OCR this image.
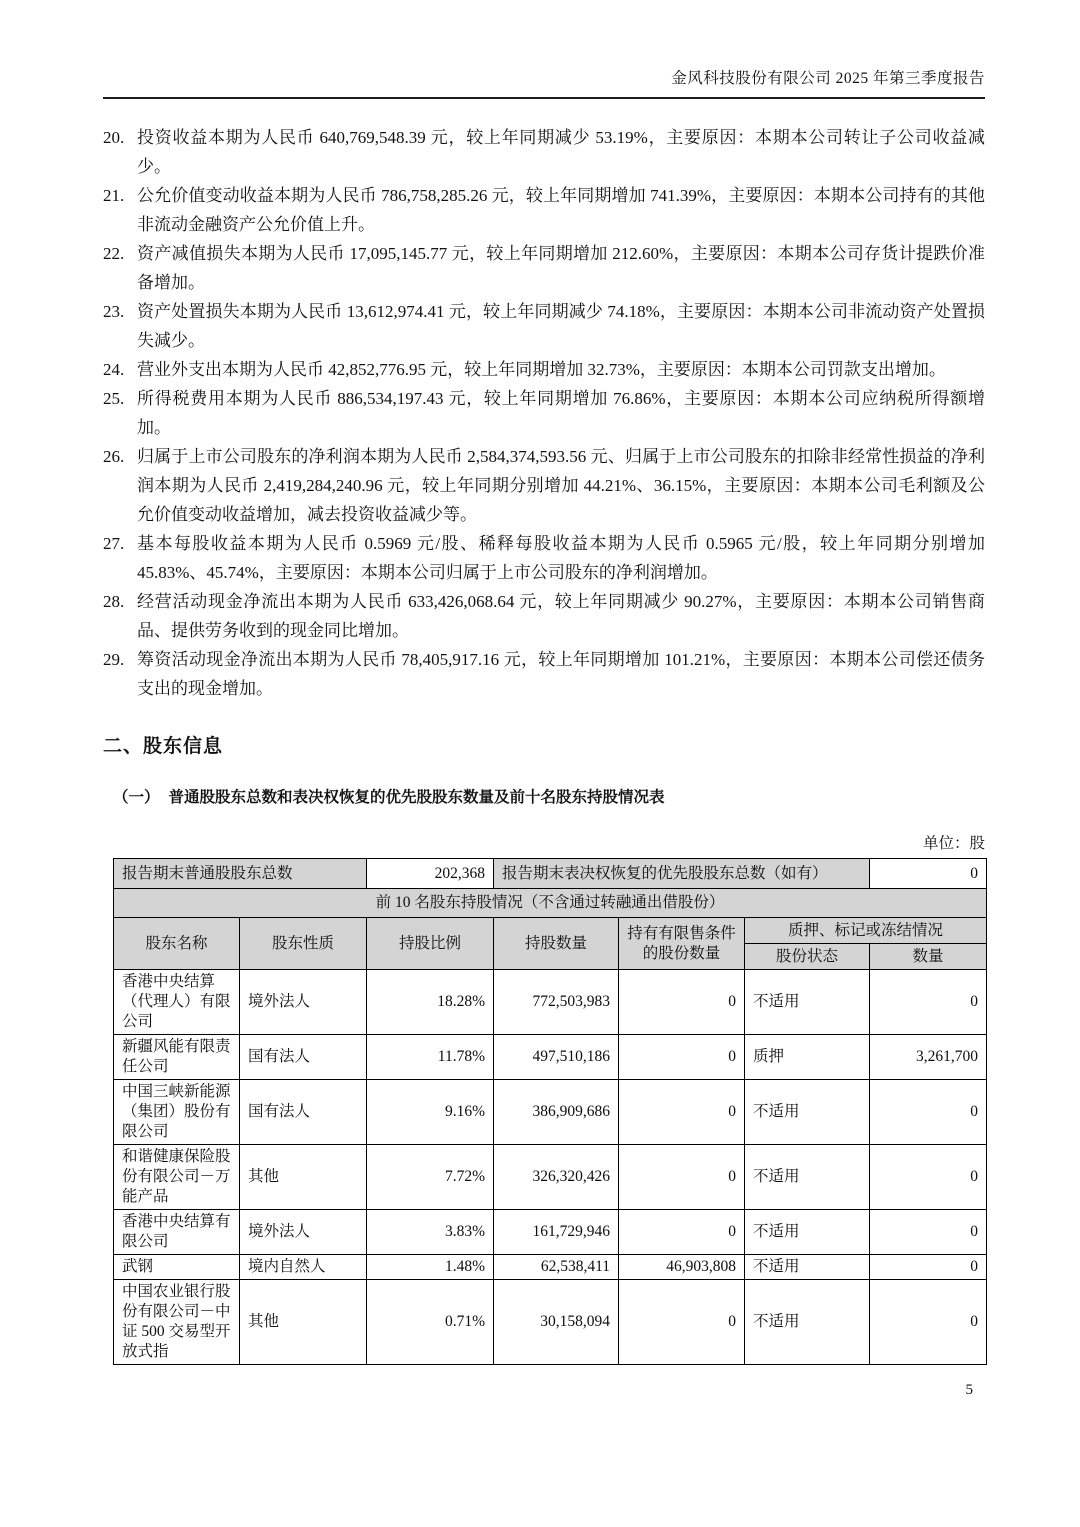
金风科技股份有限公司 2025 年第三季度报告
20. 投资收益本期为人民币 640,769,548.39 元，较上年同期减少 53.19%，主要原因：本期本公司转让子公司收益减少。
21. 公允价值变动收益本期为人民币 786,758,285.26 元，较上年同期增加 741.39%，主要原因：本期本公司持有的其他非流动金融资产公允价值上升。
22. 资产减值损失本期为人民币 17,095,145.77 元，较上年同期增加 212.60%，主要原因：本期本公司存货计提跌价准备增加。
23. 资产处置损失本期为人民币 13,612,974.41 元，较上年同期减少 74.18%，主要原因：本期本公司非流动资产处置损失减少。
24. 营业外支出本期为人民币 42,852,776.95 元，较上年同期增加 32.73%，主要原因：本期本公司罚款支出增加。
25. 所得税费用本期为人民币 886,534,197.43 元，较上年同期增加 76.86%，主要原因：本期本公司应纳税所得额增加。
26. 归属于上市公司股东的净利润本期为人民币 2,584,374,593.56 元、归属于上市公司股东的扣除非经常性损益的净利润本期为人民币 2,419,284,240.96 元，较上年同期分别增加 44.21%、36.15%，主要原因：本期本公司毛利额及公允价值变动收益增加，减去投资收益减少等。
27. 基本每股收益本期为人民币 0.5969 元/股、稀释每股收益本期为人民币 0.5965 元/股，较上年同期分别增加 45.83%、45.74%，主要原因：本期本公司归属于上市公司股东的净利润增加。
28. 经营活动现金净流出本期为人民币 633,426,068.64 元，较上年同期减少 90.27%，主要原因：本期本公司销售商品、提供劳务收到的现金同比增加。
29. 筹资活动现金净流出本期为人民币 78,405,917.16 元，较上年同期增加 101.21%，主要原因：本期本公司偿还债务支出的现金增加。
二、股东信息
（一） 普通股股东总数和表决权恢复的优先股股东数量及前十名股东持股情况表
单位：股
报告期末普通股股东总数		202,368	报告期末表决权恢复的优先股股东总数（如有）			0
前 10 名股东持股情况（不含通过转融通出借股份）						
股东名称	股东性质	持股比例	持股数量	持有有限售条件的股份数量	质押、标记或冻结情况	
					股份状态	数量
香港中央结算（代理人）有限公司	境外法人	18.28%	772,503,983	0	不适用	0
新疆风能有限责任公司	国有法人	11.78%	497,510,186	0	质押	3,261,700
中国三峡新能源（集团）股份有限公司	国有法人	9.16%	386,909,686	0	不适用	0
和谐健康保险股份有限公司－万能产品	其他	7.72%	326,320,426	0	不适用	0
香港中央结算有限公司	境外法人	3.83%	161,729,946	0	不适用	0
武钢	境内自然人	1.48%	62,538,411	46,903,808	不适用	0
中国农业银行股份有限公司－中证 500 交易型开放式指	其他	0.71%	30,158,094	0	不适用	0
5
